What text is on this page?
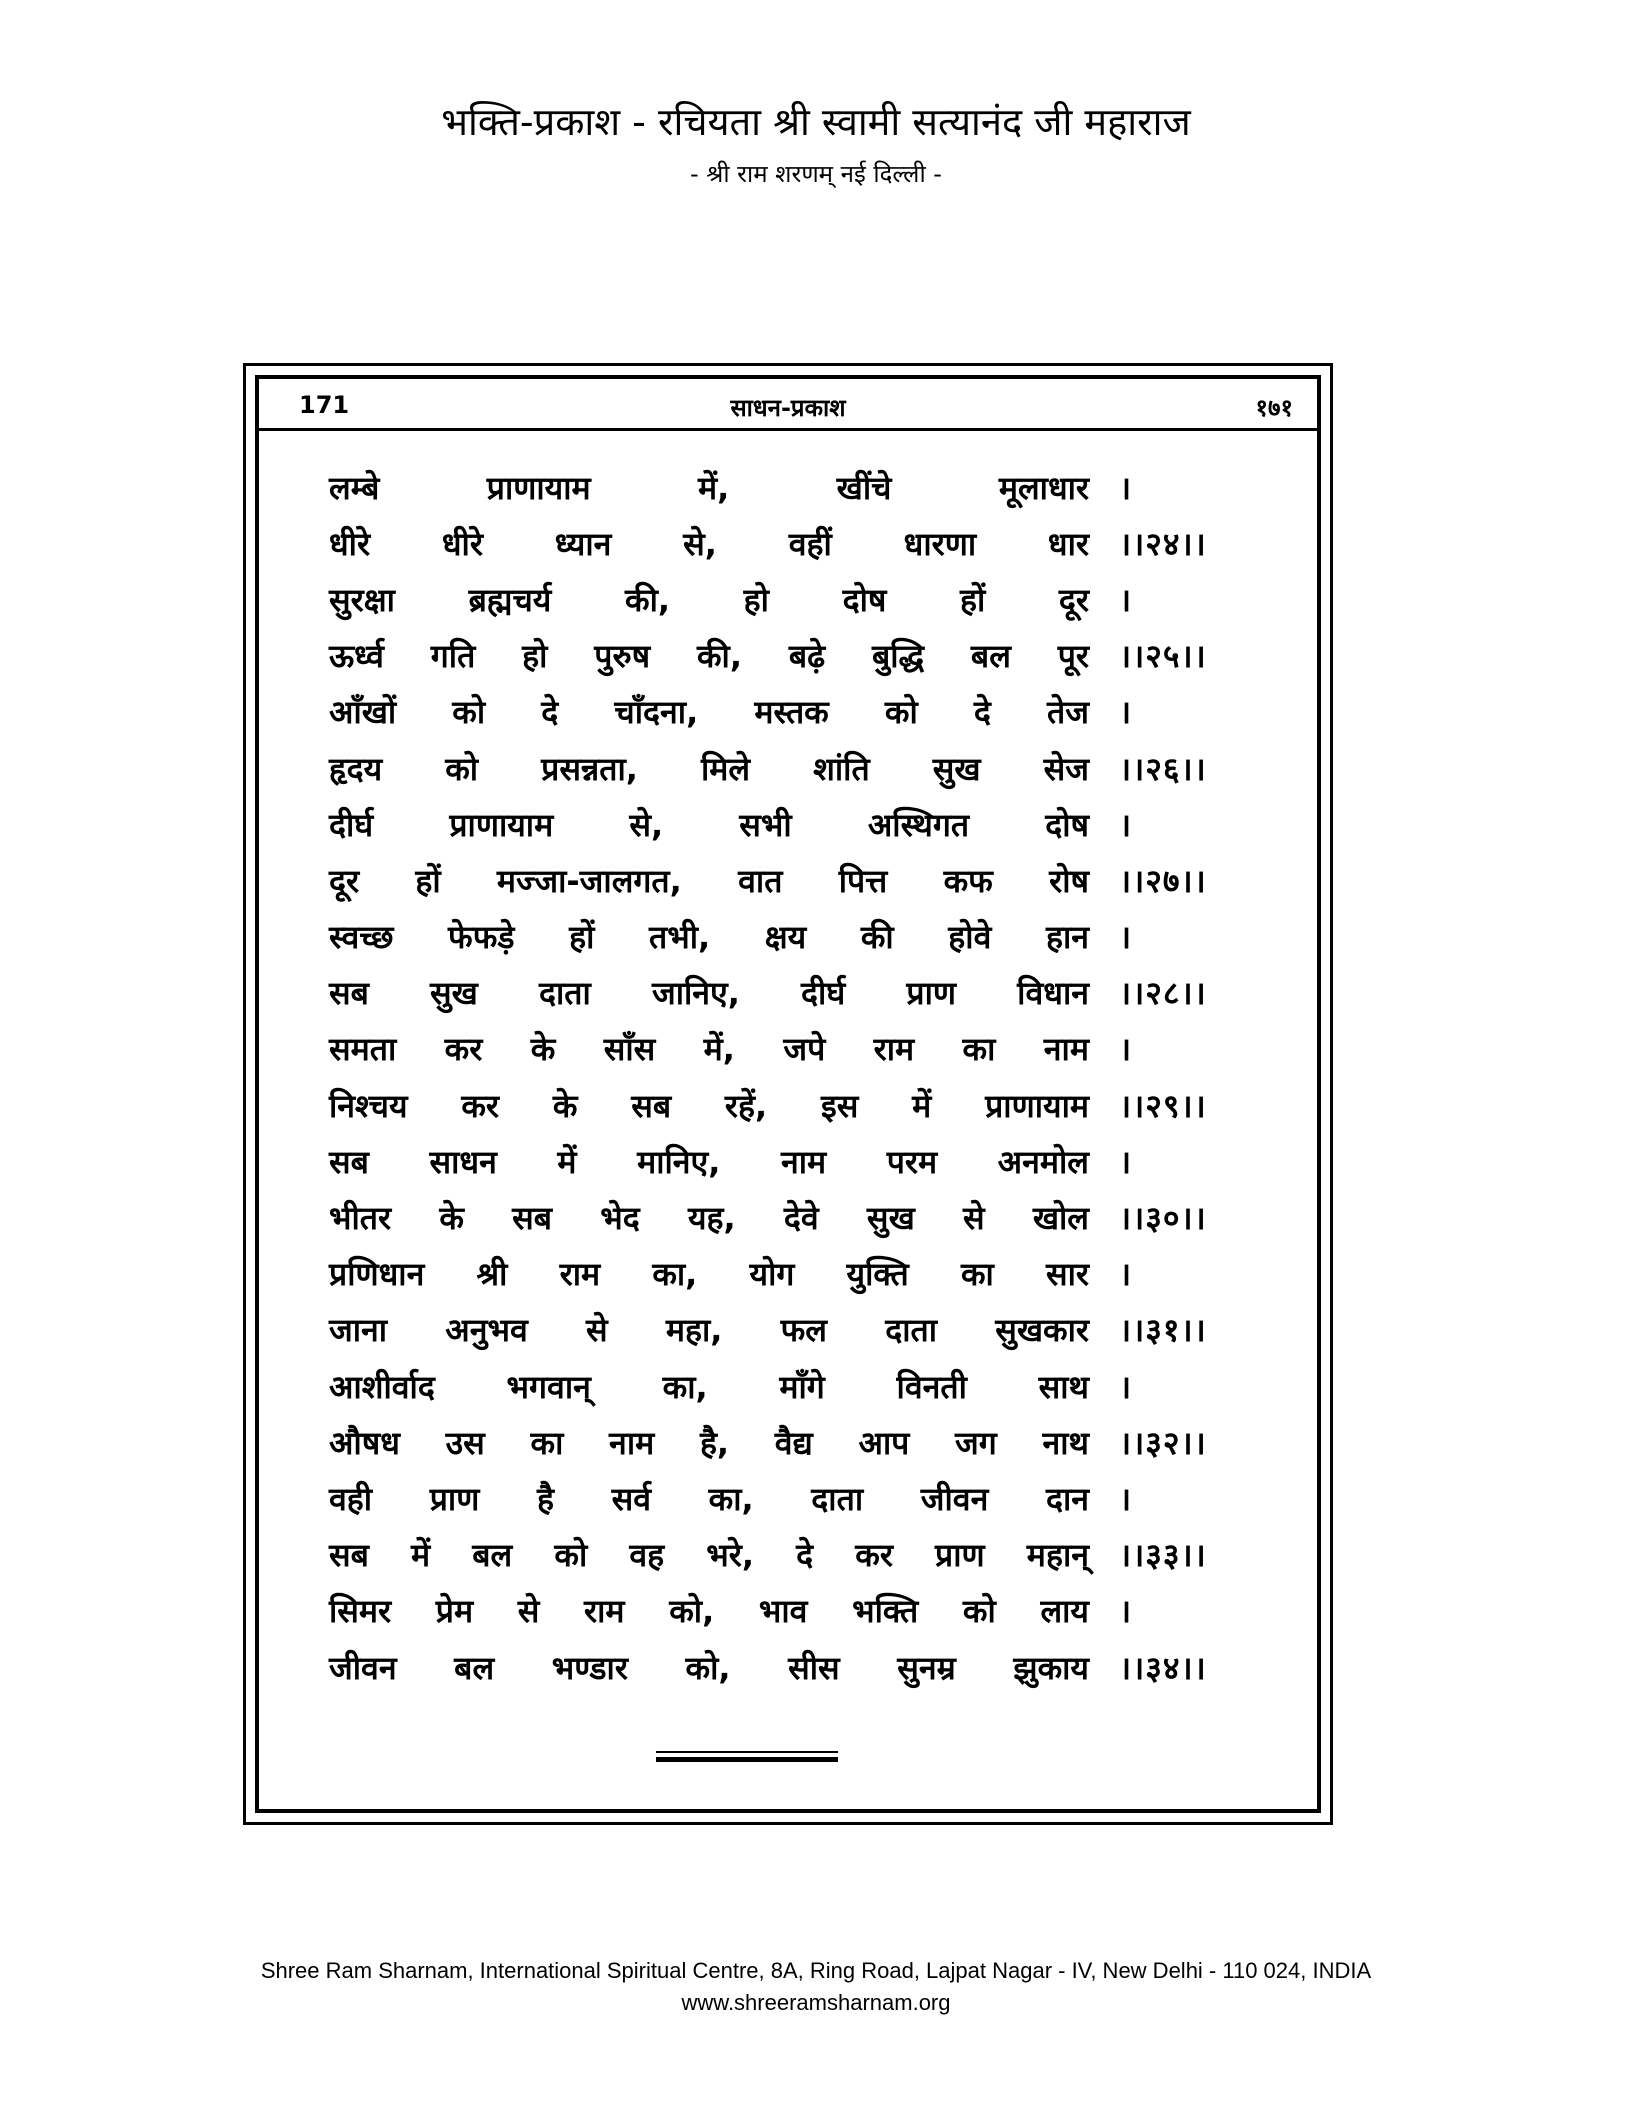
भक्ति-प्रकाश - रचियता श्री स्वामी सत्यानंद जी महाराज
- श्री राम शरणम् नई दिल्ली -
171	साधन-प्रकाश	१७१
लम्बे प्राणायाम में, खींचे मूलाधार ।
धीरे धीरे ध्यान से, वहीं धारणा धार ।।२४।।
सुरक्षा ब्रह्मचर्य की, हो दोष हों दूर ।
ऊर्ध्व गति हो पुरुष की, बढ़े बुद्धि बल पूर ।।२५।।
आँखों को दे चाँदना, मस्तक को दे तेज ।
हृदय को प्रसन्नता, मिले शांति सुख सेज ।।२६।।
दीर्घ प्राणायाम से, सभी अस्थिगत दोष ।
दूर हों मज्जा-जालगत, वात पित्त कफ रोष ।।२७।।
स्वच्छ फेफड़े हों तभी, क्षय की होवे हान ।
सब सुख दाता जानिए, दीर्घ प्राण विधान ।।२८।।
समता कर के साँस में, जपे राम का नाम ।
निश्चय कर के सब रहें, इस में प्राणायाम ।।२९।।
सब साधन में मानिए, नाम परम अनमोल ।
भीतर के सब भेद यह, देवे सुख से खोल ।।३०।।
प्रणिधान श्री राम का, योग युक्ति का सार ।
जाना अनुभव से महा, फल दाता सुखकार ।।३१।।
आशीर्वाद भगवान् का, माँगे विनती साथ ।
औषध उस का नाम है, वैद्य आप जग नाथ ।।३२।।
वही प्राण है सर्व का, दाता जीवन दान ।
सब में बल को वह भरे, दे कर प्राण महान् ।।३३।।
सिमर प्रेम से राम को, भाव भक्ति को लाय ।
जीवन बल भण्डार को, सीस सुनम्र झुकाय ।।३४।।
Shree Ram Sharnam, International Spiritual Centre, 8A, Ring Road, Lajpat Nagar - IV, New Delhi - 110 024, INDIA
www.shreeramsharnam.org
